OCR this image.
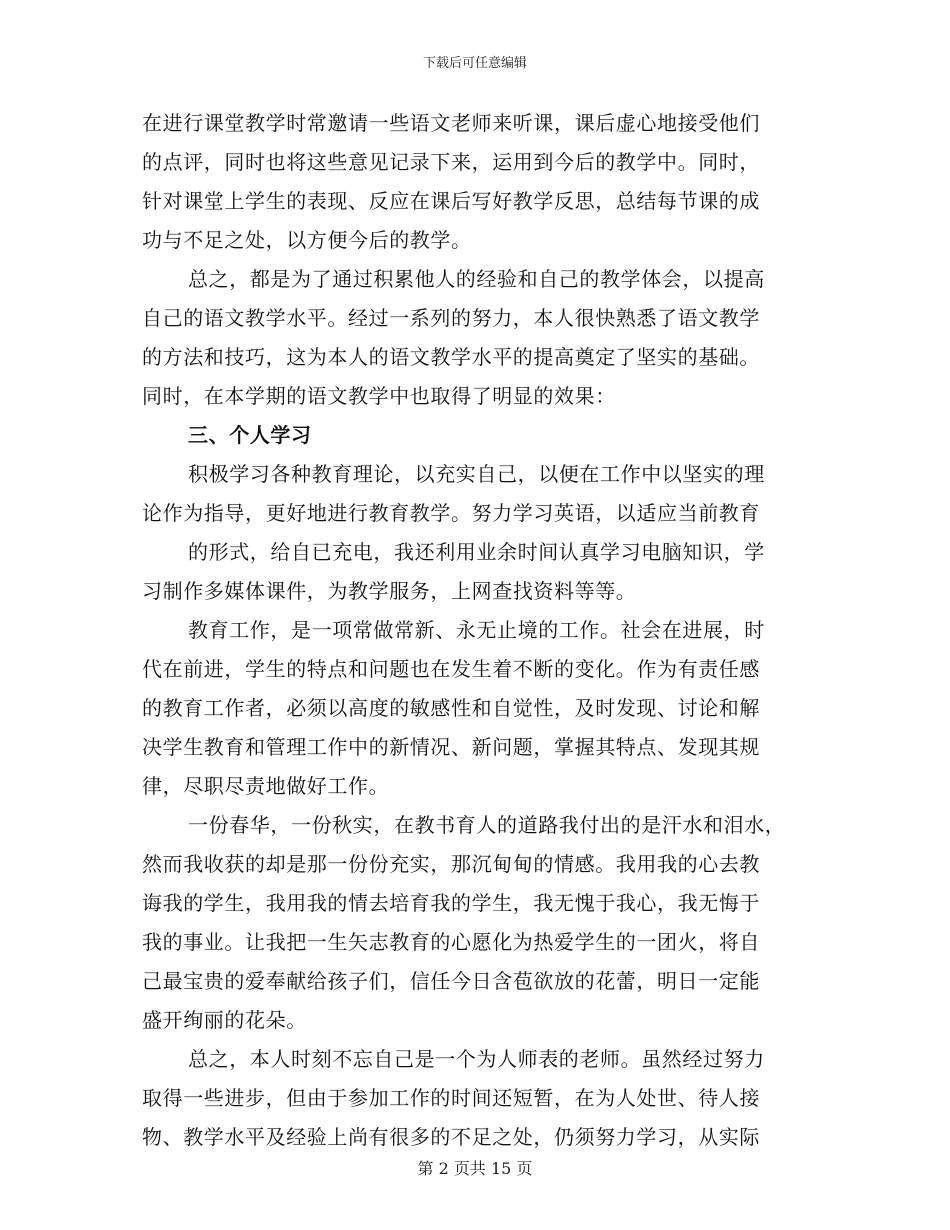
下载后可任意编辑
在进行课堂教学时常邀请一些语文老师来听课，课后虚心地接受他们
的点评，同时也将这些意见记录下来，运用到今后的教学中。同时，
针对课堂上学生的表现、反应在课后写好教学反思，总结每节课的成
功与不足之处，以方便今后的教学。
总之，都是为了通过积累他人的经验和自己的教学体会，以提高
自己的语文教学水平。经过一系列的努力，本人很快熟悉了语文教学
的方法和技巧，这为本人的语文教学水平的提高奠定了坚实的基础。
同时，在本学期的语文教学中也取得了明显的效果：
三、个人学习
积极学习各种教育理论，以充实自己，以便在工作中以坚实的理
论作为指导，更好地进行教育教学。努力学习英语，以适应当前教育
的形式，给自已充电，我还利用业余时间认真学习电脑知识，学
习制作多媒体课件，为教学服务，上网查找资料等等。
教育工作，是一项常做常新、永无止境的工作。社会在进展，时
代在前进，学生的特点和问题也在发生着不断的变化。作为有责任感
的教育工作者，必须以高度的敏感性和自觉性，及时发现、讨论和解
决学生教育和管理工作中的新情况、新问题，掌握其特点、发现其规
律，尽职尽责地做好工作。
一份春华，一份秋实，在教书育人的道路我付出的是汗水和泪水，
然而我收获的却是那一份份充实，那沉甸甸的情感。我用我的心去教
诲我的学生，我用我的情去培育我的学生，我无愧于我心，我无悔于
我的事业。让我把一生矢志教育的心愿化为热爱学生的一团火，将自
己最宝贵的爱奉献给孩子们，信任今日含苞欲放的花蕾，明日一定能
盛开绚丽的花朵。
总之，本人时刻不忘自己是一个为人师表的老师。虽然经过努力
取得一些进步，但由于参加工作的时间还短暂，在为人处世、待人接
物、教学水平及经验上尚有很多的不足之处，仍须努力学习，从实际
第 2 页共 15 页
